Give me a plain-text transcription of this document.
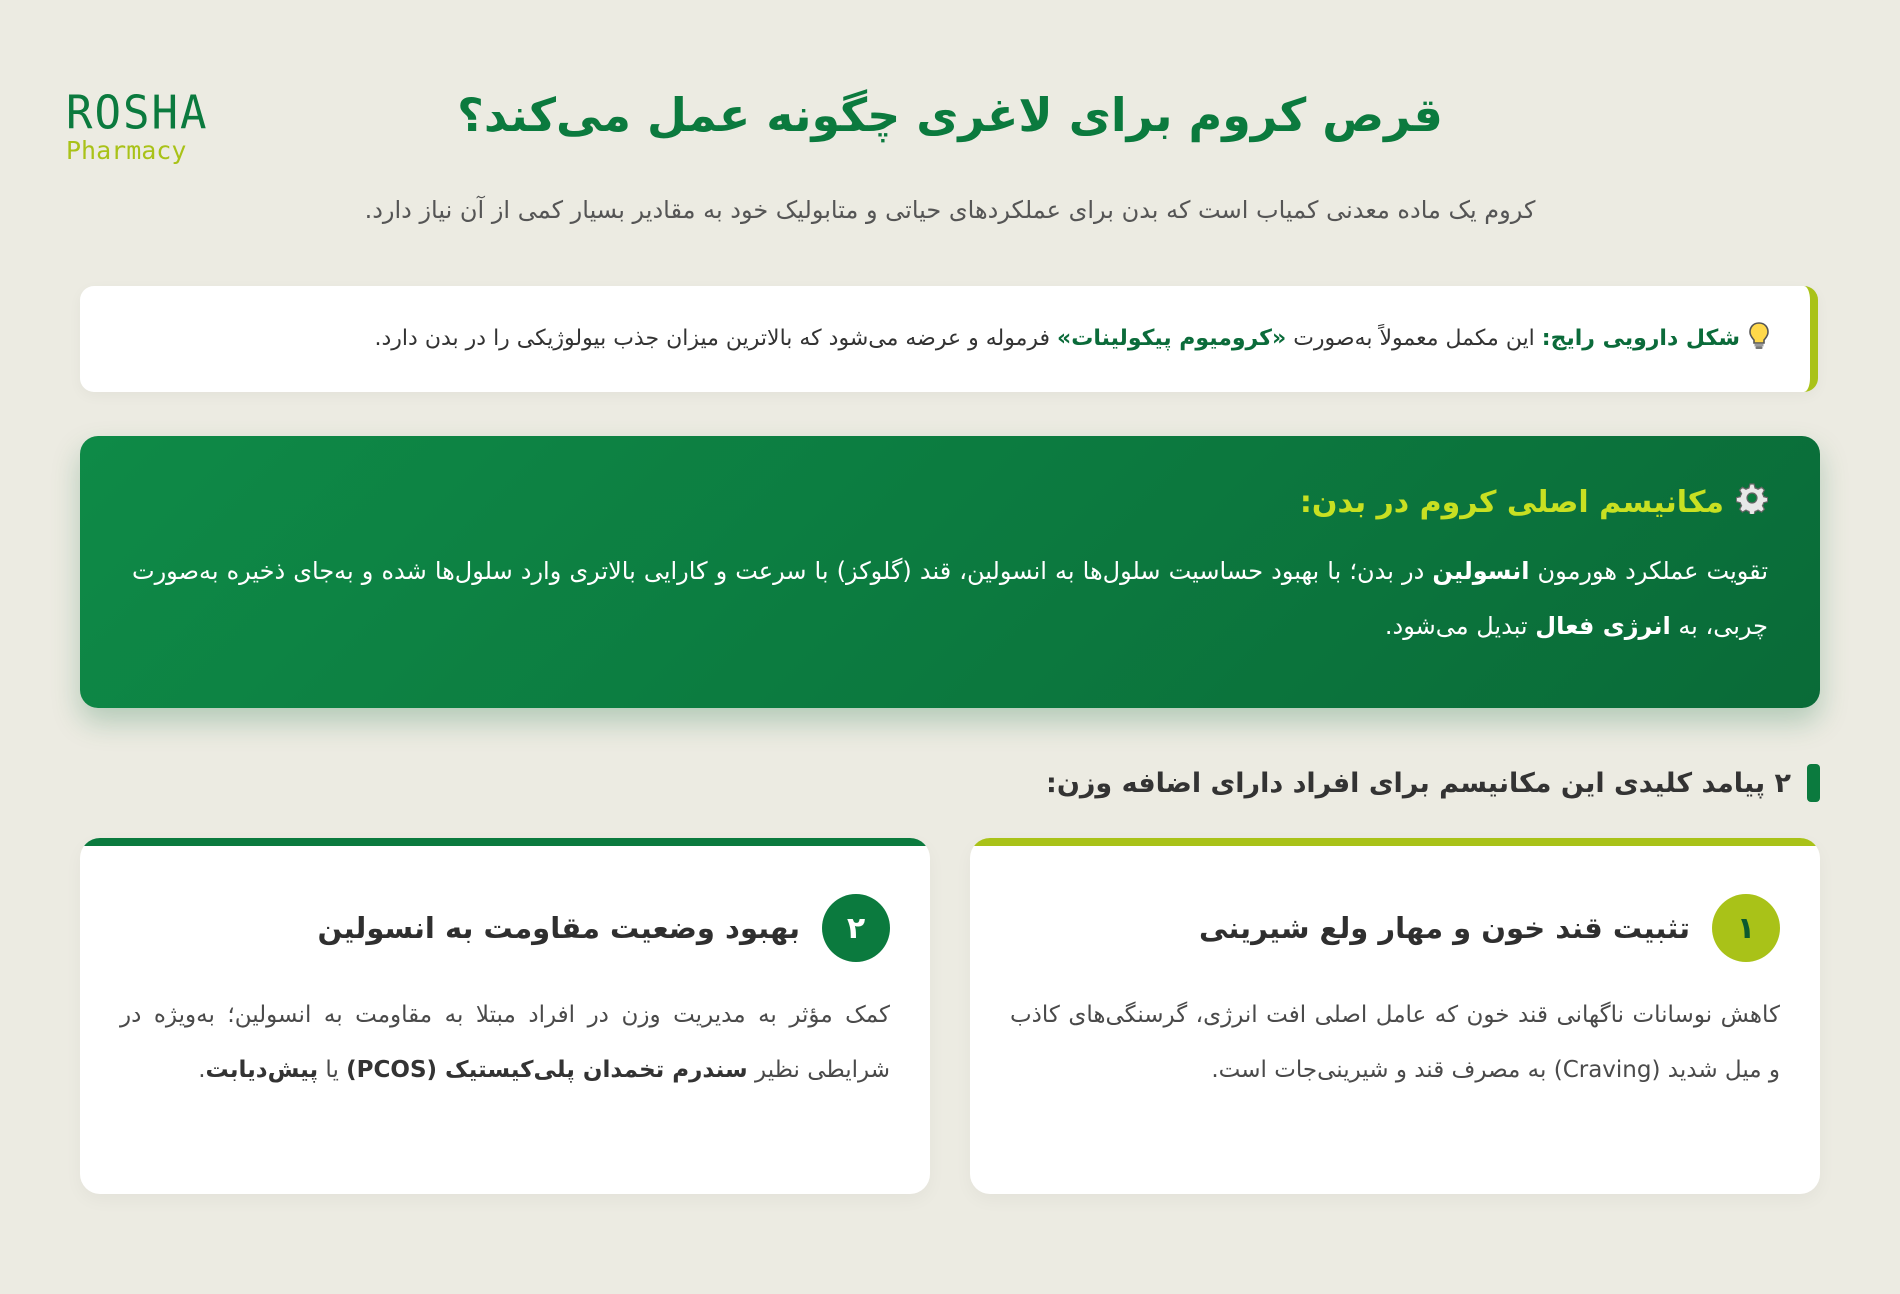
ROSHA
Pharmacy
قرص کروم برای لاغری چگونه عمل می‌کند؟
کروم یک ماده معدنی کمیاب است که بدن برای عملکردهای حیاتی و متابولیک خود به مقادیر بسیار کمی از آن نیاز دارد.
شکل دارویی رایج: این مکمل معمولاً به‌صورت «کرومیوم پیکولینات» فرموله و عرضه می‌شود که بالاترین میزان جذب بیولوژیکی را در بدن دارد.
مکانیسم اصلی کروم در بدن:
تقویت عملکرد هورمون انسولین در بدن؛ با بهبود حساسیت سلول‌ها به انسولین، قند (گلوکز) با سرعت و کارایی بالاتری وارد سلول‌ها شده و به‌جای ذخیره به‌صورت چربی، به انرژی فعال تبدیل می‌شود.
۲ پیامد کلیدی این مکانیسم برای افراد دارای اضافه وزن:
۱
تثبیت قند خون و مهار ولع شیرینی
کاهش نوسانات ناگهانی قند خون که عامل اصلی افت انرژی، گرسنگی‌های کاذب و میل شدید (Craving) به مصرف قند و شیرینی‌جات است.
۲
بهبود وضعیت مقاومت به انسولین
کمک مؤثر به مدیریت وزن در افراد مبتلا به مقاومت به انسولین؛ به‌ویژه در شرایطی نظیر سندرم تخمدان پلی‌کیستیک (PCOS) یا پیش‌دیابت.
